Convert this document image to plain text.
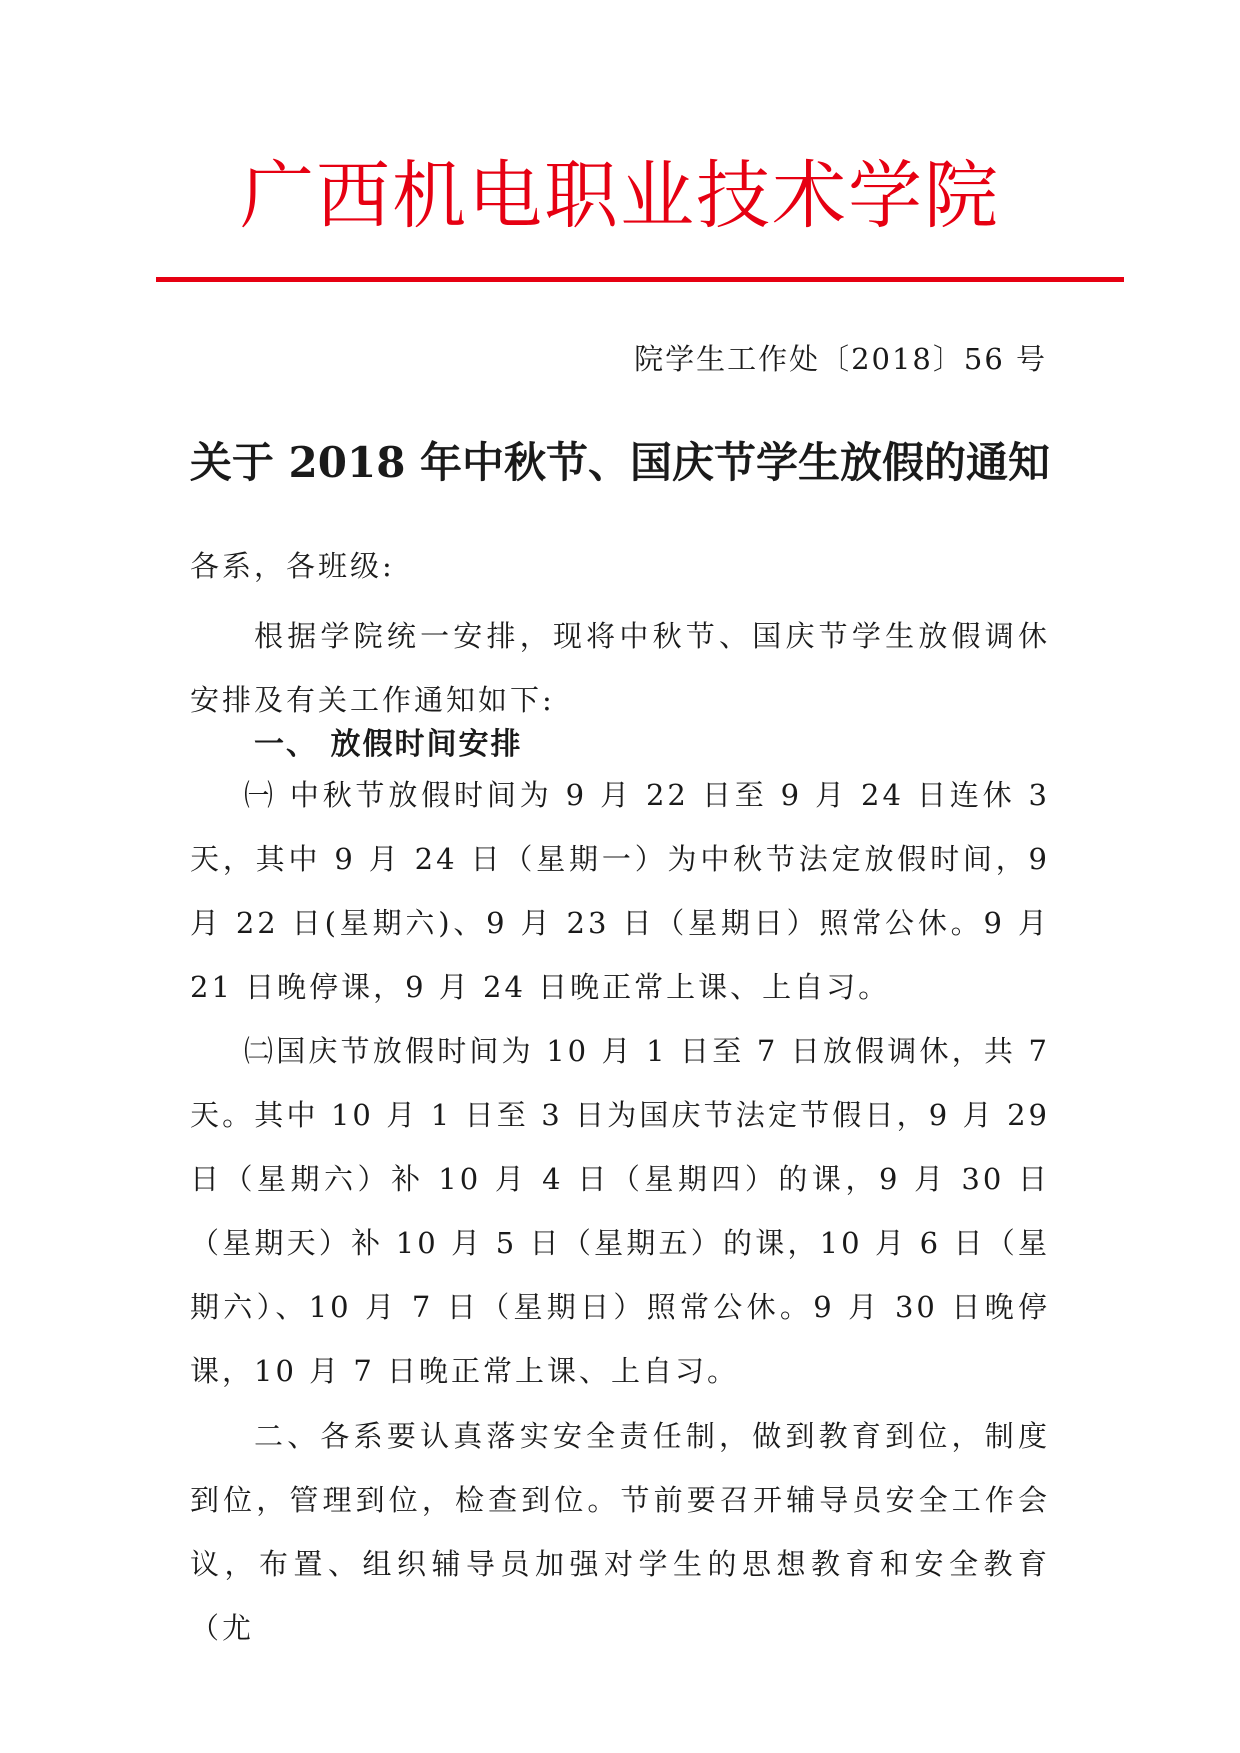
广西机电职业技术学院
院学生工作处〔2018〕56 号
关于 2018 年中秋节、国庆节学生放假的通知

各系，各班级:

根据学院统一安排，现将中秋节、国庆节学生放假调休安排及有关工作通知如下:

一、 放假时间安排

㈠ 中秋节放假时间为 9 月 22 日至 9 月 24 日连休 3 天，其中 9 月 24 日（星期一）为中秋节法定放假时间，9 月 22 日(星期六)、9 月 23 日（星期日）照常公休。9 月 21 日晚停课，9 月 24 日晚正常上课、上自习。

㈡国庆节放假时间为 10 月 1 日至 7 日放假调休，共 7 天。其中 10 月 1 日至 3 日为国庆节法定节假日，9 月 29 日（星期六）补 10 月 4 日（星期四）的课，9 月 30 日（星期天）补 10 月 5 日（星期五）的课，10 月 6 日（星期六）、10 月 7 日（星期日）照常公休。9 月 30 日晚停课，10 月 7 日晚正常上课、上自习。

二、各系要认真落实安全责任制，做到教育到位，制度到位，管理到位，检查到位。节前要召开辅导员安全工作会议，布置、组织辅导员加强对学生的思想教育和安全教育（尤
